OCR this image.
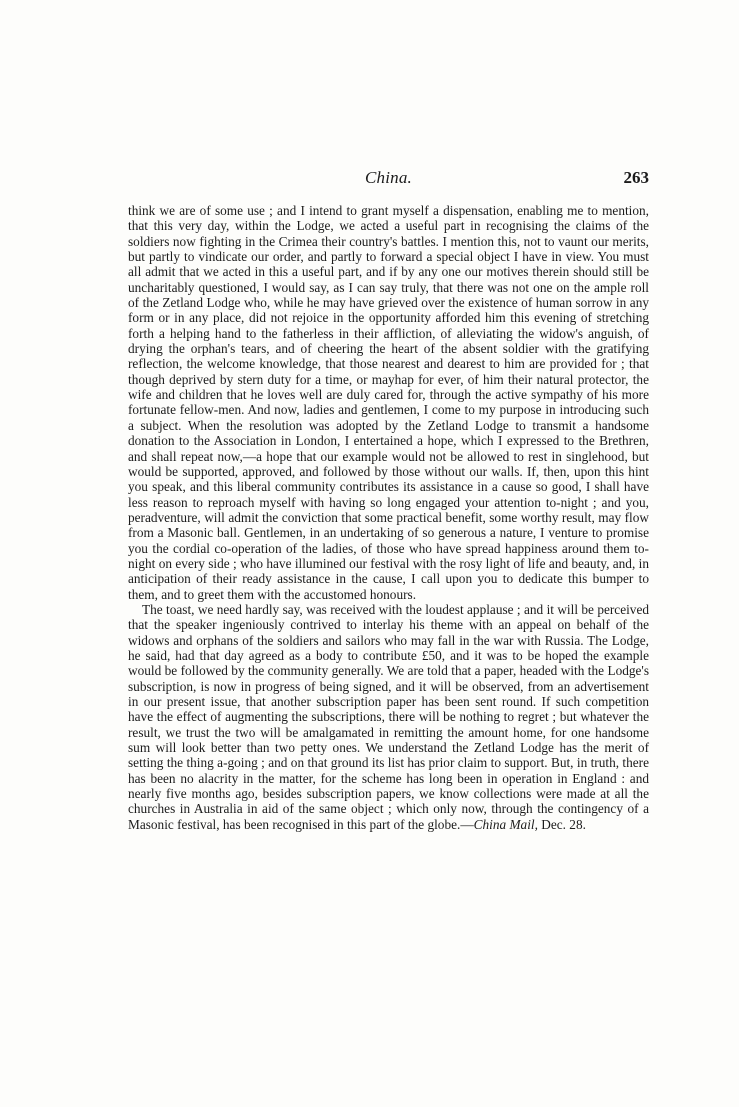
China.	263

think we are of some use ; and I intend to grant myself a dispensation, enabling me to mention, that this very day, within the Lodge, we acted a useful part in recognising the claims of the soldiers now fighting in the Crimea their country's battles. I mention this, not to vaunt our merits, but partly to vindicate our order, and partly to forward a special object I have in view. You must all admit that we acted in this a useful part, and if by any one our motives therein should still be uncharitably questioned, I would say, as I can say truly, that there was not one on the ample roll of the Zetland Lodge who, while he may have grieved over the existence of human sorrow in any form or in any place, did not rejoice in the opportunity afforded him this evening of stretching forth a helping hand to the fatherless in their affliction, of alleviating the widow's anguish, of drying the orphan's tears, and of cheering the heart of the absent soldier with the gratifying reflection, the welcome knowledge, that those nearest and dearest to him are provided for ; that though deprived by stern duty for a time, or mayhap for ever, of him their natural protector, the wife and children that he loves well are duly cared for, through the active sympathy of his more fortunate fellow-men. And now, ladies and gentlemen, I come to my purpose in introducing such a subject. When the resolution was adopted by the Zetland Lodge to transmit a handsome donation to the Association in London, I entertained a hope, which I expressed to the Brethren, and shall repeat now,—a hope that our example would not be allowed to rest in singlehood, but would be supported, approved, and followed by those without our walls. If, then, upon this hint you speak, and this liberal community contributes its assistance in a cause so good, I shall have less reason to reproach myself with having so long engaged your attention to-night ; and you, peradventure, will admit the conviction that some practical benefit, some worthy result, may flow from a Masonic ball. Gentlemen, in an undertaking of so generous a nature, I venture to promise you the cordial co-operation of the ladies, of those who have spread happiness around them to-night on every side ; who have illumined our festival with the rosy light of life and beauty, and, in anticipation of their ready assistance in the cause, I call upon you to dedicate this bumper to them, and to greet them with the accustomed honours.

The toast, we need hardly say, was received with the loudest applause ; and it will be perceived that the speaker ingeniously contrived to interlay his theme with an appeal on behalf of the widows and orphans of the soldiers and sailors who may fall in the war with Russia. The Lodge, he said, had that day agreed as a body to contribute £50, and it was to be hoped the example would be followed by the community generally. We are told that a paper, headed with the Lodge's subscription, is now in progress of being signed, and it will be observed, from an advertisement in our present issue, that another subscription paper has been sent round. If such competition have the effect of augmenting the subscriptions, there will be nothing to regret ; but whatever the result, we trust the two will be amalgamated in remitting the amount home, for one handsome sum will look better than two petty ones. We understand the Zetland Lodge has the merit of setting the thing a-going ; and on that ground its list has prior claim to support. But, in truth, there has been no alacrity in the matter, for the scheme has long been in operation in England : and nearly five months ago, besides subscription papers, we know collections were made at all the churches in Australia in aid of the same object ; which only now, through the contingency of a Masonic festival, has been recognised in this part of the globe.—China Mail, Dec. 28.
